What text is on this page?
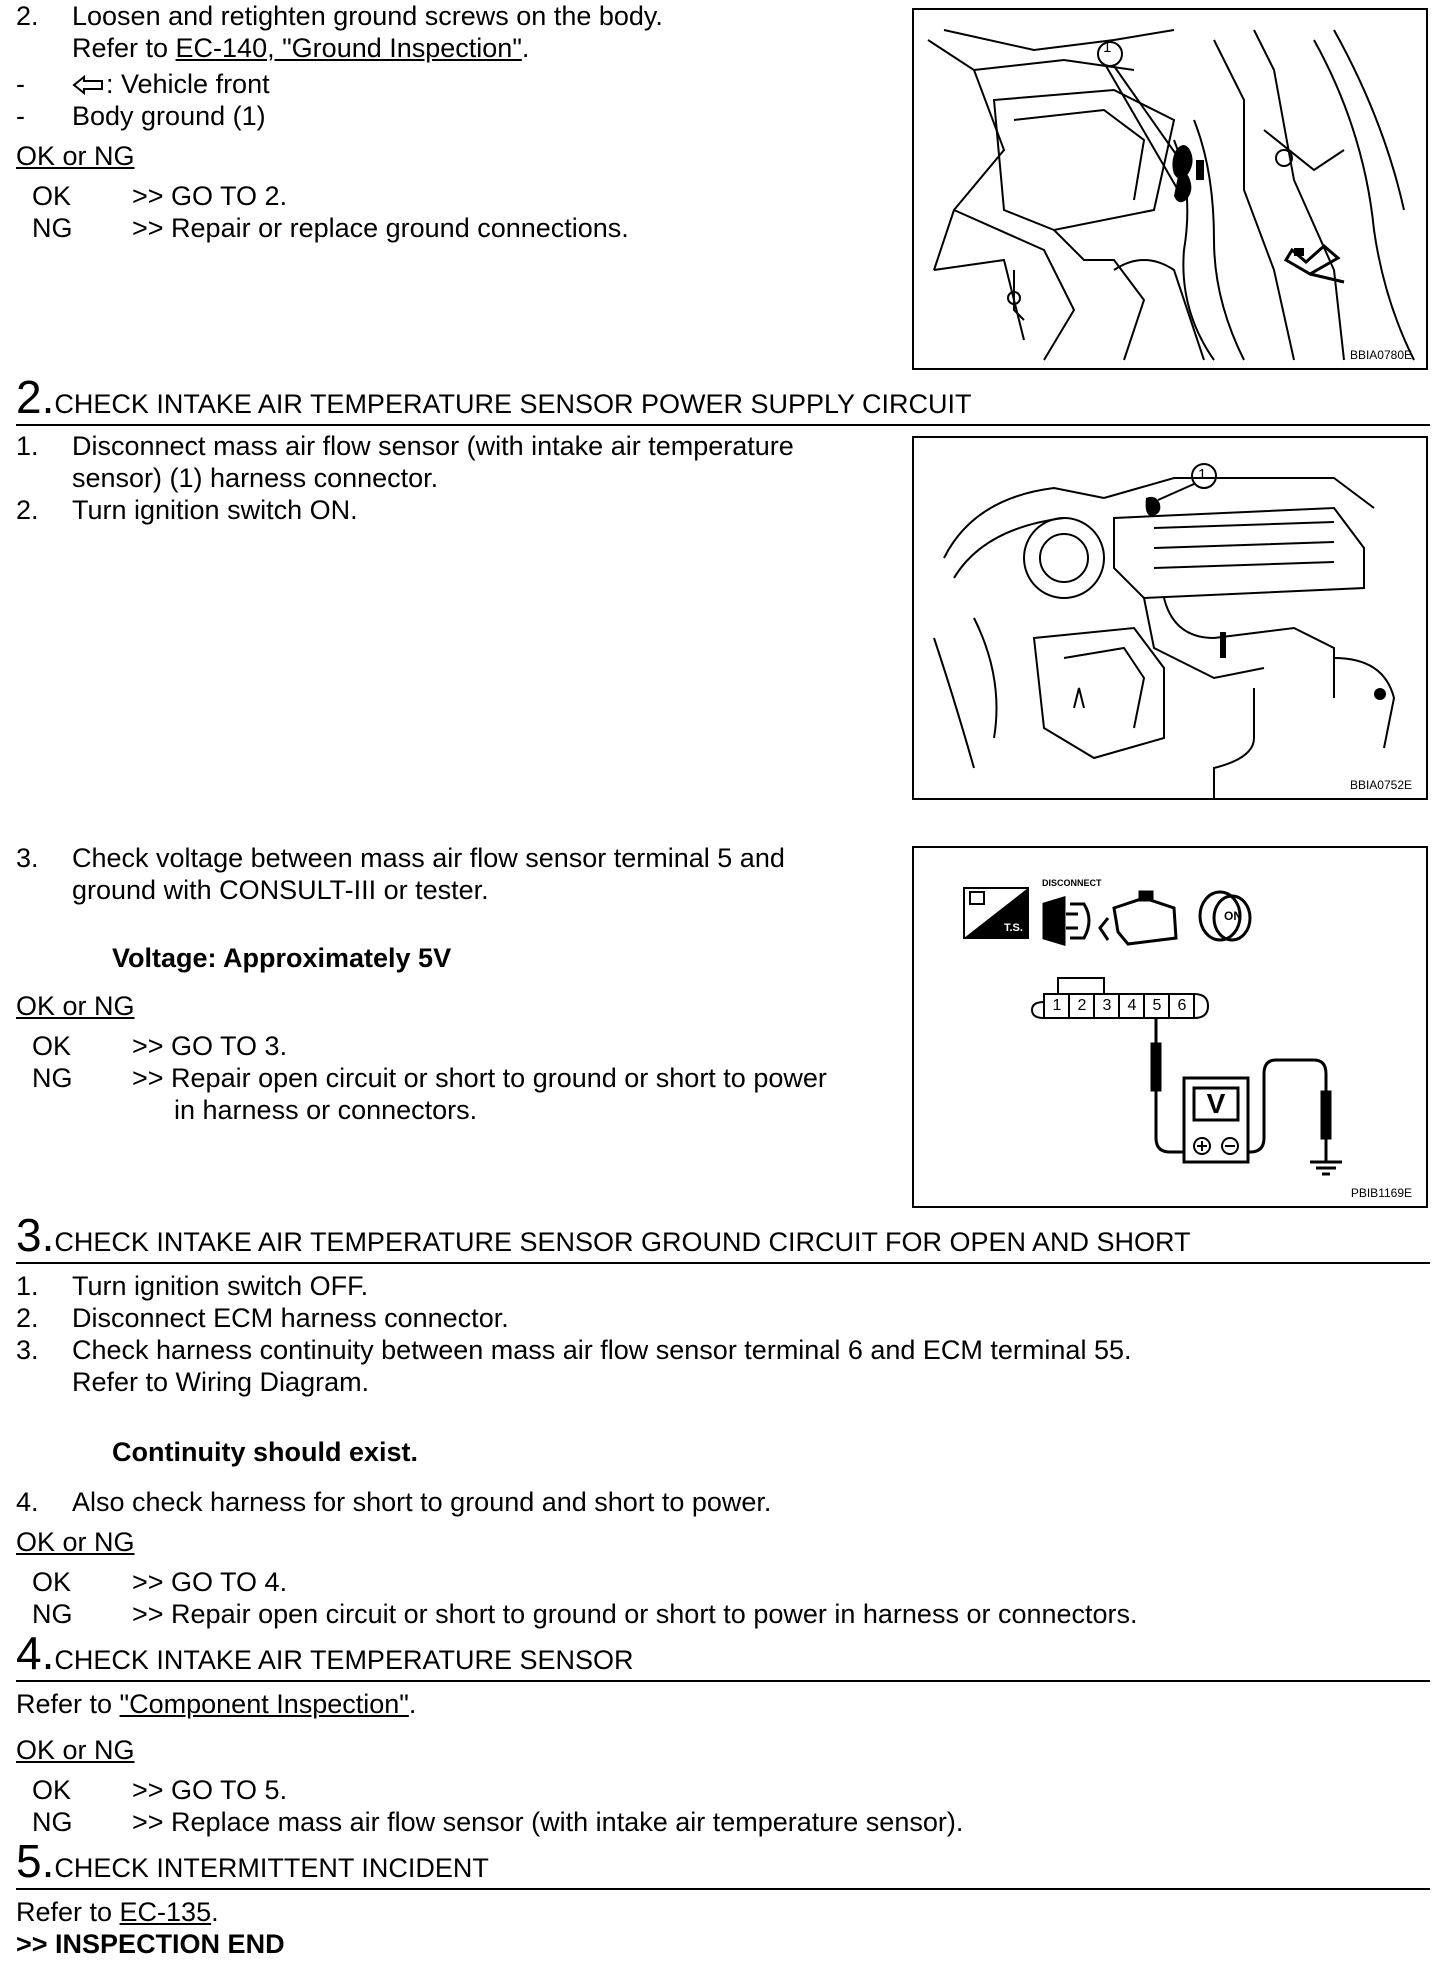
2. Loosen and retighten ground screws on the body.
Refer to EC-140, "Ground Inspection".
-	: Vehicle front
- Body ground (1)
OK or NG
OK >> GO TO 2.
NG >> Repair or replace ground connections.
1
BBIA0780E
2.CHECK INTAKE AIR TEMPERATURE SENSOR POWER SUPPLY CIRCUIT
1. Disconnect mass air flow sensor (with intake air temperature
sensor) (1) harness connector.
2. Turn ignition switch ON.
1
BBIA0752E
3. Check voltage between mass air flow sensor terminal 5 and
ground with CONSULT-III or tester.
Voltage: Approximately 5V
OK or NG
OK >> GO TO 3.
NG >> Repair open circuit or short to ground or short to power
in harness or connectors.
DISCONNECT
T.S.
ON
V
1	2	3	4	5	6
PBIB1169E
3.CHECK INTAKE AIR TEMPERATURE SENSOR GROUND CIRCUIT FOR OPEN AND SHORT
1. Turn ignition switch OFF.
2. Disconnect ECM harness connector.
3. Check harness continuity between mass air flow sensor terminal 6 and ECM terminal 55.
Refer to Wiring Diagram.
Continuity should exist.
4. Also check harness for short to ground and short to power.
OK or NG
OK >> GO TO 4.
NG >> Repair open circuit or short to ground or short to power in harness or connectors.
4.CHECK INTAKE AIR TEMPERATURE SENSOR
Refer to "Component Inspection".
OK or NG
OK >> GO TO 5.
NG >> Replace mass air flow sensor (with intake air temperature sensor).
5.CHECK INTERMITTENT INCIDENT
Refer to EC-135.
>> INSPECTION END
